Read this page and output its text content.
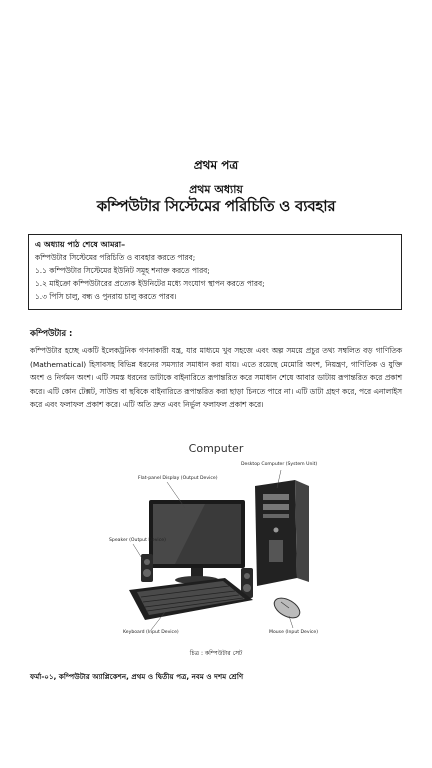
প্রথম পত্র
প্রথম অধ্যায়
কম্পিউটার সিস্টেমের পরিচিতি ও ব্যবহার
এ অধ্যায় পাঠ শেষে আমরা–
কম্পিউটার সিস্টেমের পরিচিতি ও ব্যবহার করতে পারব;
১.১ কম্পিউটার সিস্টেমের ইউনিট সমূহ শনাক্ত করতে পারব;
১.২ মাইক্রো কম্পিউটারের প্রত্যেক ইউনিটের মধ্যে সংযোগ স্থাপন করতে পারব;
১.৩ পিসি চালু, বন্ধ ও পুনরায় চালু করতে পারব।
কম্পিউটার :
কম্পিউটার হচ্ছে একটি ইলেকট্রনিক গণনাকারী যন্ত্র, যার মাধ্যমে খুব সহজে এবং অল্প সময়ে প্রচুর তথ্য সম্বলিত বড় গাণিতিক (Mathematical) হিসাবসহ বিভিন্ন ধরনের সমস্যার সমাধান করা যায়। এতে রয়েছে মেমোরি অংশ, নিয়ন্ত্রণ, গাণিতিক ও যুক্তি অংশ ও নির্গমন অংশ। এটি সমস্ত ধরনের ডাটাকে বাইনারিতে রূপান্তরিত করে সমাধান শেষে আবার ডাটায় রূপান্তরিত করে প্রকাশ করে। এটি কোন টেক্সট, সাউন্ড বা ছবিকে বাইনারিতে রূপান্তরিত করা ছাড়া চিনতে পারে না। এটি ডাটা গ্রহণ করে, পরে এনালাইস করে এবং ফলাফল প্রকাশ করে। এটি অতি দ্রুত এবং নির্ভুল ফলাফল প্রকাশ করে।
Computer
Flat-panel Display (Output Device)
Desktop Computer (System Unit)
Speaker (Output Device)
Keyboard (Input Device)	Mouse (Input Device)
চিত্র : কম্পিউটার সেট
ফর্মা-০১, কম্পিউটার অ্যাপ্লিকেশন, প্রথম ও দ্বিতীয় পত্র, নবম ও দশম শ্রেণি
